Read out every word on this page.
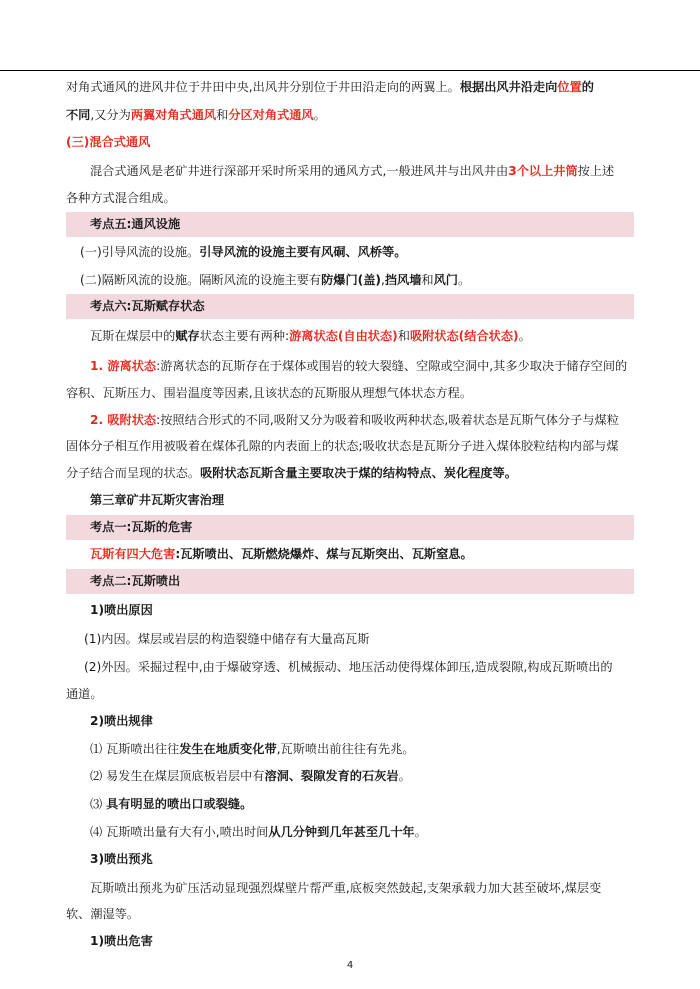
对角式通风的进风井位于井田中央,出风井分别位于井田沿走向的两翼上。根据出风井沿走向位置的
不同,又分为两翼对角式通风和分区对角式通风。
(三)混合式通风
混合式通风是老矿井进行深部开采时所采用的通风方式,一般进风井与出风井由3个以上井筒按上述
各种方式混合组成。
考点五:通风设施
(一)引导风流的设施。引导风流的设施主要有风硐、风桥等。
(二)隔断风流的设施。隔断风流的设施主要有防爆门(盖),挡风墙和风门。
考点六:瓦斯赋存状态
瓦斯在煤层中的赋存状态主要有两种:游离状态(自由状态)和吸附状态(结合状态)。
1. 游离状态:游离状态的瓦斯存在于煤体或围岩的较大裂缝、空隙或空洞中,其多少取决于储存空间的
容积、瓦斯压力、围岩温度等因素,且该状态的瓦斯服从理想气体状态方程。
2. 吸附状态:按照结合形式的不同,吸附又分为吸着和吸收两种状态,吸着状态是瓦斯气体分子与煤粒
固体分子相互作用被吸着在煤体孔隙的内表面上的状态;吸收状态是瓦斯分子进入煤体胶粒结构内部与煤
分子结合而呈现的状态。吸附状态瓦斯含量主要取决于煤的结构特点、炭化程度等。
第三章矿井瓦斯灾害治理
考点一:瓦斯的危害
瓦斯有四大危害:瓦斯喷出、瓦斯燃烧爆炸、煤与瓦斯突出、瓦斯窒息。
考点二:瓦斯喷出
1)喷出原因
(1)内因。煤层或岩层的构造裂缝中储存有大量高瓦斯
(2)外因。采掘过程中,由于爆破穿透、机械振动、地压活动使得煤体卸压,造成裂隙,构成瓦斯喷出的
通道。
2)喷出规律
⑴ 瓦斯喷出往往发生在地质变化带,瓦斯喷出前往往有先兆。
⑵ 易发生在煤层顶底板岩层中有溶洞、裂隙发育的石灰岩。
⑶ 具有明显的喷出口或裂缝。
⑷ 瓦斯喷出量有大有小,喷出时间从几分钟到几年甚至几十年。
3)喷出预兆
瓦斯喷出预兆为矿压活动显现强烈煤壁片帮严重,底板突然鼓起,支架承载力加大甚至破坏,煤层变
软、潮湿等。
1)喷出危害
4
